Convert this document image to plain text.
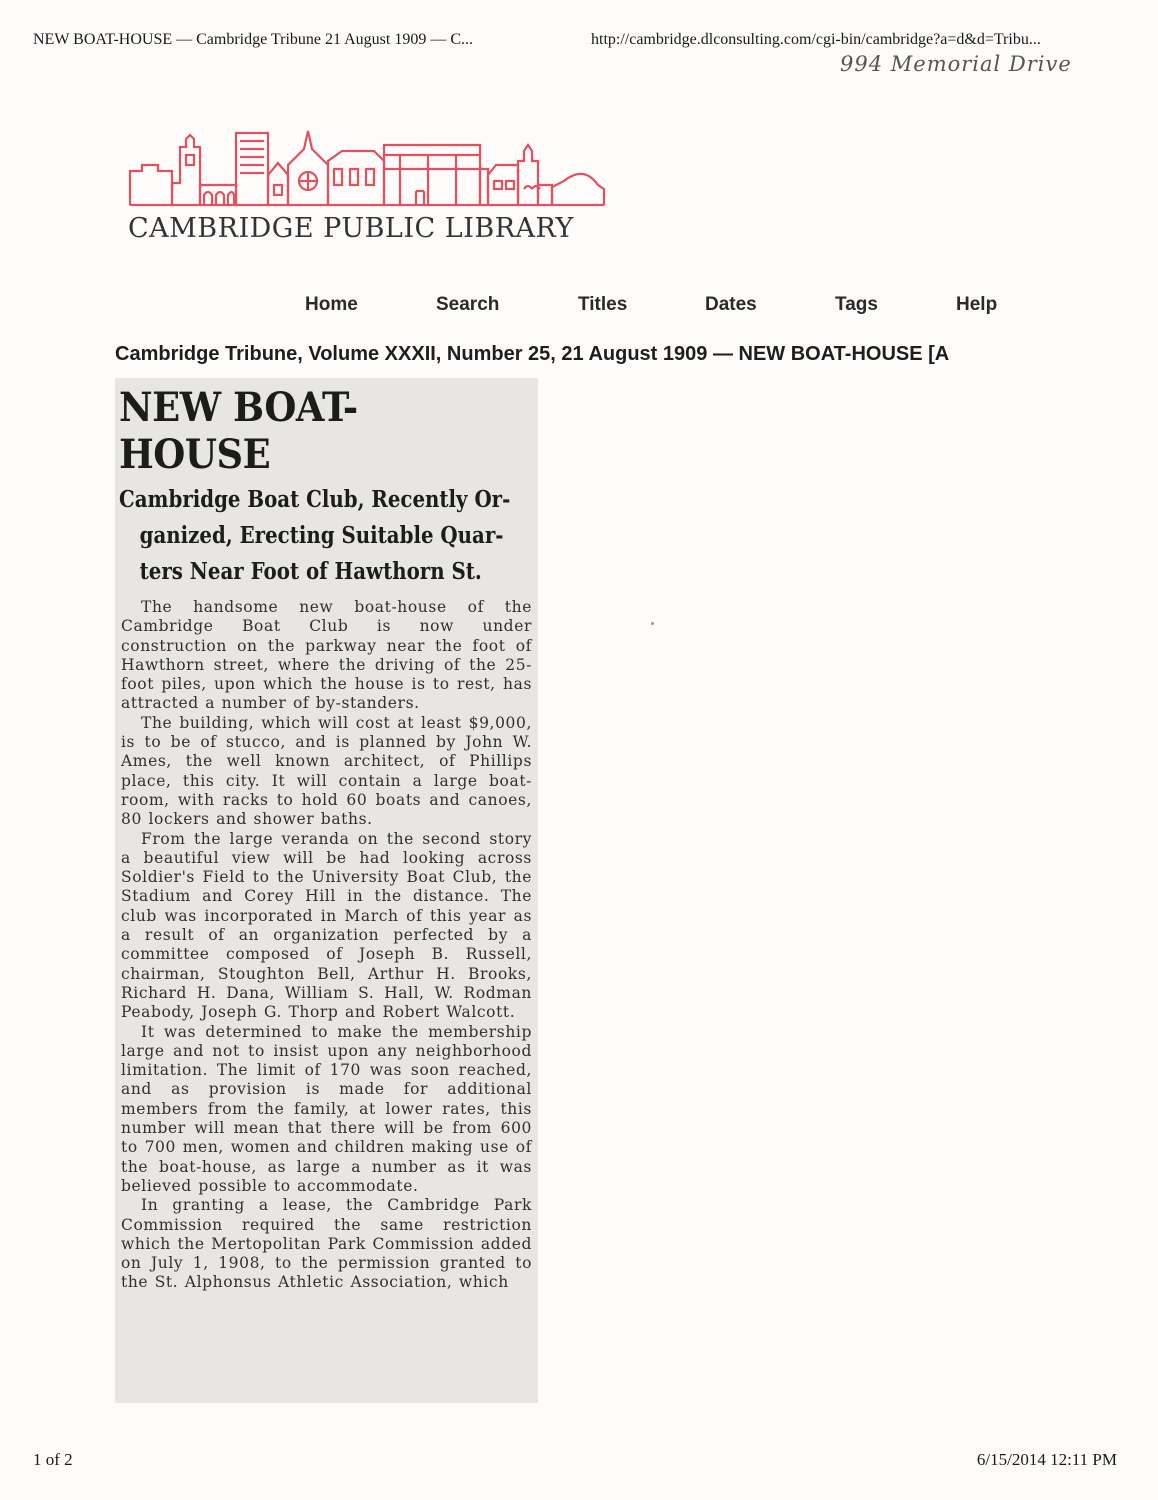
NEW BOAT-HOUSE — Cambridge Tribune 21 August 1909 — C...	http://cambridge.dlconsulting.com/cgi-bin/cambridge?a=d&d=Tribu...
994 Memorial Drive
CAMBRIDGE PUBLIC LIBRARY
Home	Search	Titles	Dates	Tags	Help
Cambridge Tribune, Volume XXXII, Number 25, 21 August 1909 — NEW BOAT-HOUSE [A
NEW BOAT-HOUSE
Cambridge Boat Club, Recently Or-
ganized, Erecting Suitable Quar-
ters Near Foot of Hawthorn St.

The handsome new boat-house of the Cambridge Boat Club is now under construction on the parkway near the foot of Hawthorn street, where the driving of the 25-foot piles, upon which the house is to rest, has attracted a number of by-standers.

The building, which will cost at least $9,000, is to be of stucco, and is planned by John W. Ames, the well known architect, of Phillips place, this city. It will contain a large boat-room, with racks to hold 60 boats and canoes, 80 lockers and shower baths.

From the large veranda on the second story a beautiful view will be had looking across Soldier's Field to the University Boat Club, the Stadium and Corey Hill in the distance. The club was incorporated in March of this year as a result of an organization perfected by a committee composed of Joseph B. Russell, chairman, Stoughton Bell, Arthur H. Brooks, Richard H. Dana, William S. Hall, W. Rodman Peabody, Joseph G. Thorp and Robert Walcott.

It was determined to make the membership large and not to insist upon any neighborhood limitation. The limit of 170 was soon reached, and as provision is made for additional members from the family, at lower rates, this number will mean that there will be from 600 to 700 men, women and children making use of the boat-house, as large a number as it was believed possible to accommodate.

In granting a lease, the Cambridge Park Commission required the same restriction which the Mertopolitan Park Commission added on July 1, 1908, to the permission granted to the St. Alphonsus Athletic Association, which

1 of 2	6/15/2014 12:11 PM
